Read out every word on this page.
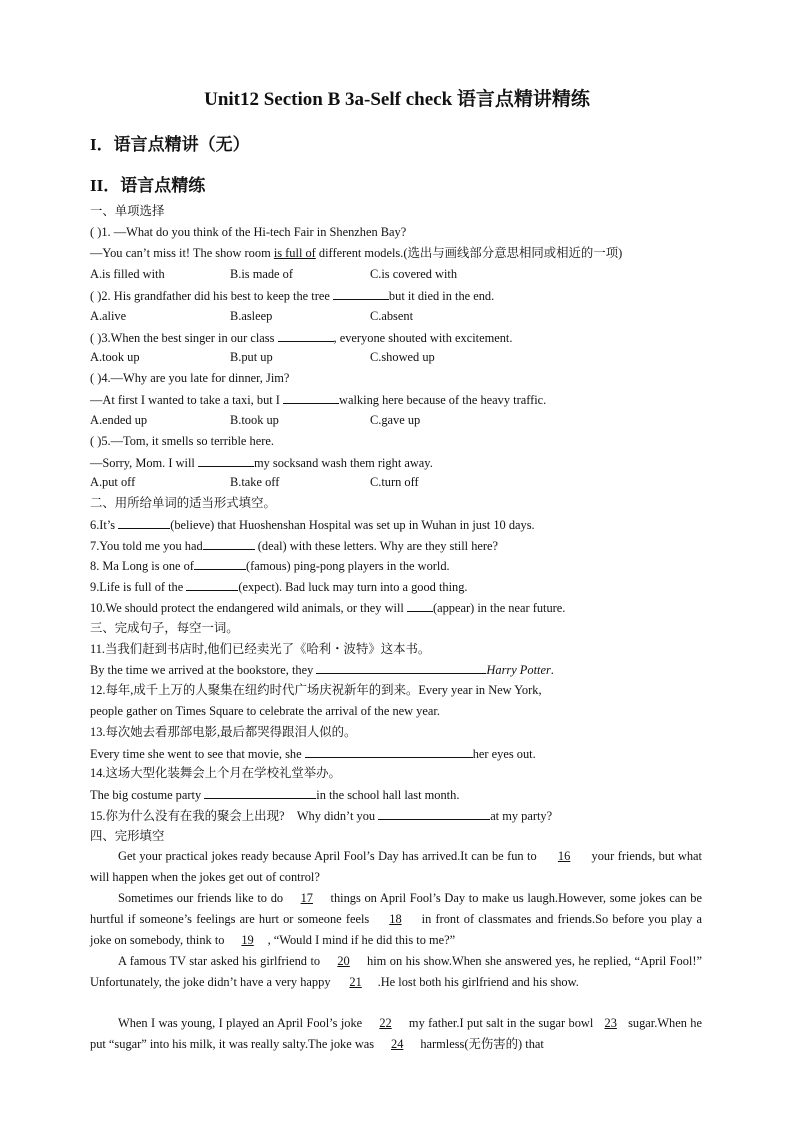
Unit12 Section B 3a-Self check 语言点精讲精练
I．语言点精讲（无）
II．语言点精练
一、单项选择
( )1. —What do you think of the Hi-tech Fair in Shenzhen Bay?
—You can’t miss it! The show room is full of different models.(选出与画线部分意思相同或相近的一项)
A.is filled with	B.is made of	C.is covered with
( )2. His grandfather did his best to keep the tree	but it died in the end.
A.alive	B.asleep	C.absent
( )3.When the best singer in our class	, everyone shouted with excitement.
A.took up	B.put up	C.showed up
( )4.—Why are you late for dinner, Jim?
—At first I wanted to take a taxi, but I	walking here because of the heavy traffic.
A.ended up	B.took up	C.gave up
( )5.—Tom, it smells so terrible here.
—Sorry, Mom. I will	my socksand wash them right away.
A.put off	B.take off	C.turn off
二、用所给单词的适当形式填空。
6.It’s	(believe) that Huoshenshan Hospital was set up in Wuhan in just 10 days.
7.You told me you had	(deal) with these letters. Why are they still here?
8. Ma Long is one of	(famous) ping-pong players in the world.
9.Life is full of the	(expect). Bad luck may turn into a good thing.
10.We should protect the endangered wild animals, or they will (appear) in the near future.
三、完成句子，每空一词。
11.当我们赶到书店时,他们已经卖光了《哈利・波特》这本书。
By the time we arrived at the bookstore, they	Harry Potter.
12.每年,成千上万的人聚集在纽约时代广场庆祝新年的到来。Every year in New York,
people gather on Times Square to celebrate the arrival of the new year.
13.每次她去看那部电影,最后都哭得跟泪人似的。
Every time she went to see that movie, she	her eyes out.
14.这场大型化装舞会上个月在学校礼堂举办。
The big costume party	in the school hall last month.
15.你为什么没有在我的聚会上出现?　Why didn’t you	at my party?
四、完形填空
Get your practical jokes ready because April Fool’s Day has arrived.It can be fun to 16 your friends, but what will happen when the jokes get out of control?
Sometimes our friends like to do 17 things on April Fool’s Day to make us laugh.However, some jokes can be hurtful if someone’s feelings are hurt or someone feels 18 in front of classmates and friends.So before you play a joke on somebody, think to 19 , “Would I mind if he did this to me?”
A famous TV star asked his girlfriend to 20 him on his show.When she answered yes, he replied, “April Fool!” Unfortunately, the joke didn’t have a very happy 21 .He lost both his girlfriend and his show.
When I was young, I played an April Fool’s joke 22 my father.I put salt in the sugar bowl 23 sugar.When he put “sugar” into his milk, it was really salty.The joke was 24 harmless(无伤害的) that
